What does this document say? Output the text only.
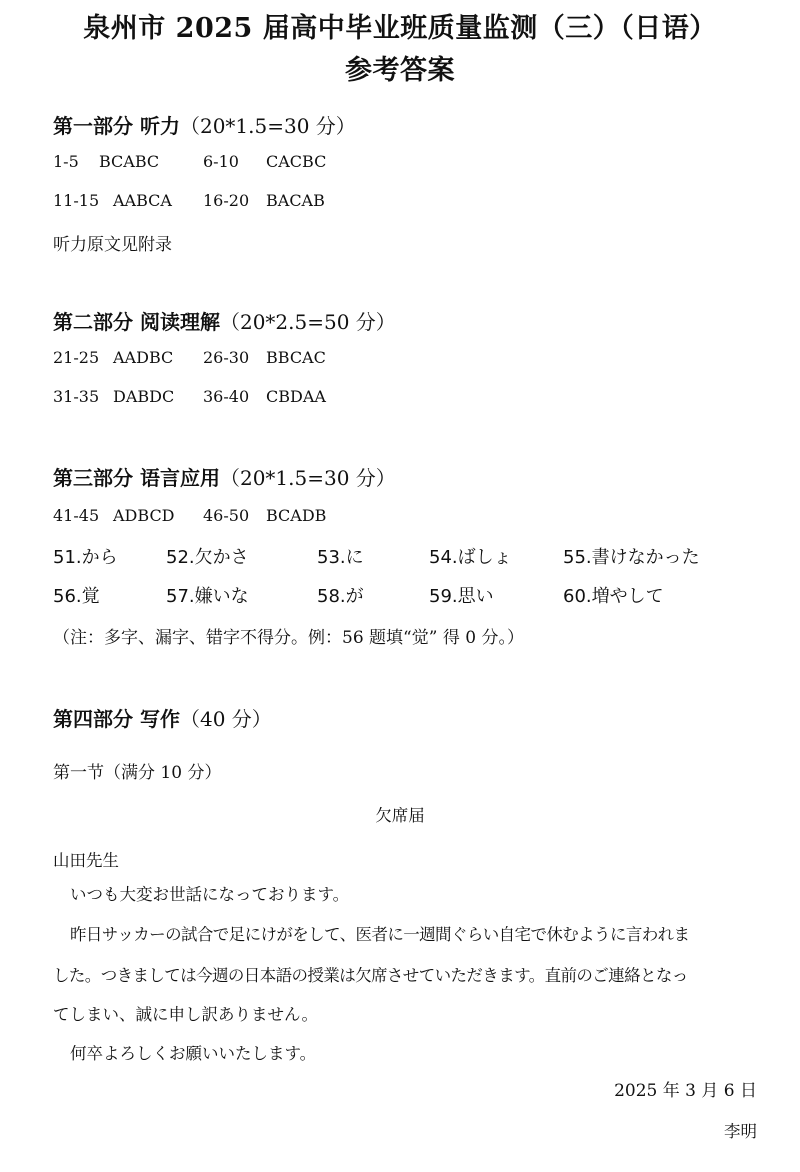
泉州市 2025 届高中毕业班质量监测（三）（日语）
参考答案
第一部分 听力（20*1.5=30 分）
1-5 BCABC	6-10 CACBC
11-15 AABCA 16-20 BACAB
听力原文见附录
第二部分 阅读理解（20*2.5=50 分）
21-25 AADBC 26-30 BBCAC
31-35 DABDC 36-40 CBDAA
第三部分 语言应用（20*1.5=30 分）
41-45 ADBCD 46-50 BCADB
51.から	52.欠かさ	53.に	54.ばしょ	55.書けなかった
56.覚	57.嫌いな	58.が	59.思い	60.増やして
（注：多字、漏字、错字不得分。例：56 题填“觉” 得 0 分。）
第四部分 写作（40 分）
第一节（满分 10 分）
欠席届
山田先生
いつも大変お世話になっております。
昨日サッカーの試合で足にけがをして、医者に一週間ぐらい自宅で休むように言われま
した。つきましては今週の日本語の授業は欠席させていただきます。直前のご連絡となっ
てしまい、誠に申し訳ありません。
何卒よろしくお願いいたします。
2025 年 3 月 6 日
李明
